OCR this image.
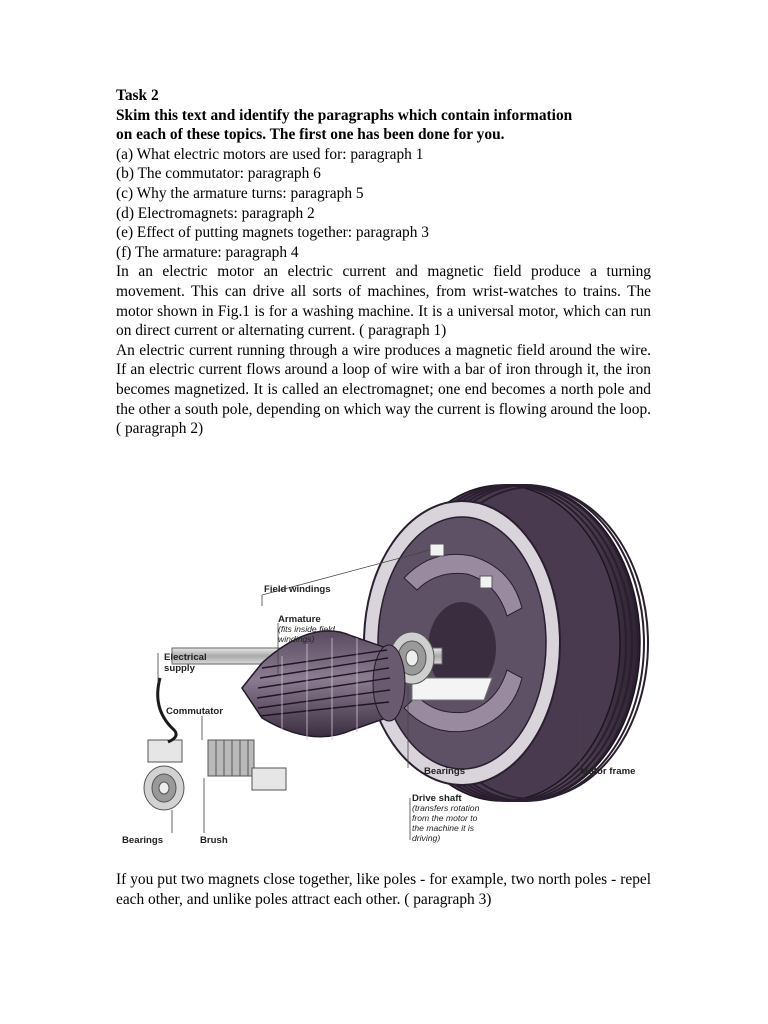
Task 2
Skim this text and identify the paragraphs which contain information
on each of these topics. The first one has been done for you.
(a) What electric motors are used for: paragraph 1
(b) The commutator: paragraph 6
(c) Why the armature turns: paragraph 5
(d) Electromagnets: paragraph 2
(e) Effect of putting magnets together: paragraph 3
(f) The armature: paragraph 4
In an electric motor an electric current and magnetic field produce a turning movement. This can drive all sorts of machines, from wrist-watches to trains. The motor shown in Fig.1 is for a washing machine. It is a universal motor, which can run on direct current or alternating current. ( paragraph 1)
An electric current running through a wire produces a magnetic field around the wire. If an electric current flows around a loop of wire with a bar of iron through it, the iron becomes magnetized. It is called an electromagnet; one end becomes a north pole and the other a south pole, depending on which way the current is flowing around the loop. ( paragraph 2)
Field windings
Armature
(fits inside field
windings)
Electrical
supply
Commutator
Bearings	Brush
Bearings	Motor frame
Drive shaft
(transfers rotation
from the motor to
the machine it is
driving)
If you put two magnets close together, like poles - for example, two north poles - repel each other, and unlike poles attract each other. ( paragraph 3)
